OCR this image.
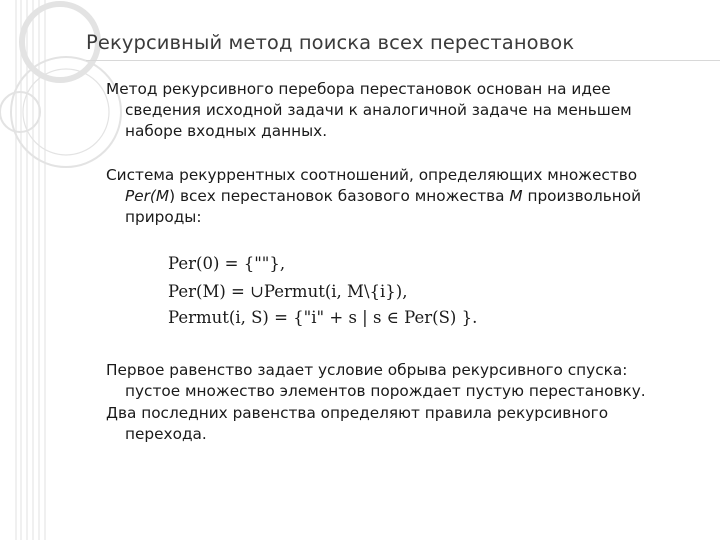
Рекурсивный метод поиска всех перестановок
Метод рекурсивного перебора перестановок основан на идее
сведения исходной задачи к аналогичной задаче на меньшем
наборе входных данных.
Система рекуррентных соотношений, определяющих множество
Per(M) всех перестановок базового множества M произвольной
природы:
Per(0) = {""},
Per(M) = ∪Permut(i, M\{i}),
Permut(i, S) = {"i" + s | s ∈ Per(S) }.
Первое равенство задает условие обрыва рекурсивного спуска:
пустое множество элементов порождает пустую перестановку.
Два последних равенства определяют правила рекурсивного
перехода.
